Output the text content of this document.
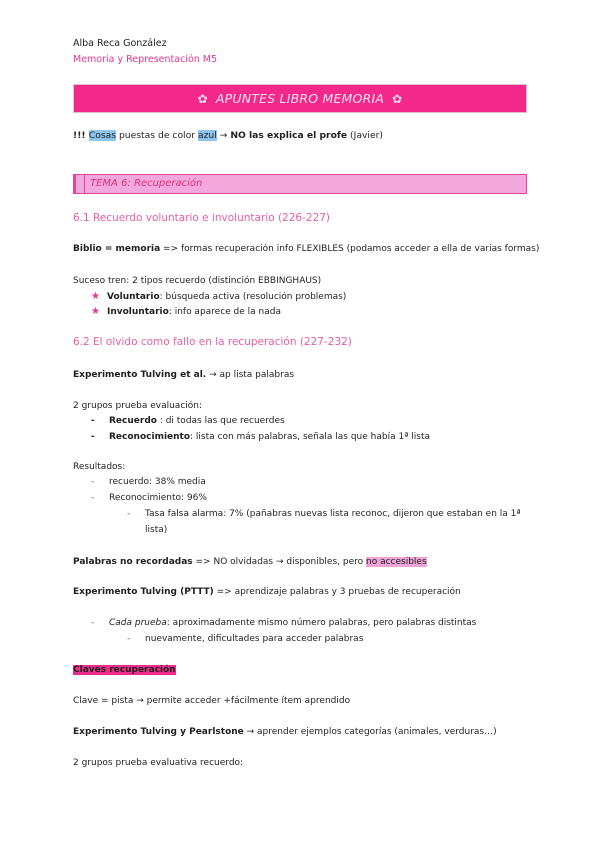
Alba Reca González
Memoria y Representación M5
✿ APUNTES LIBRO MEMORIA ✿
!!! Cosas puestas de color azul → NO las explica el profe (Javier)
TEMA 6: Recuperación
6.1 Recuerdo voluntario e involuntario (226-227)
Biblio = memoria => formas recuperación info FLEXIBLES (podamos acceder a ella de varias formas)
Suceso tren: 2 tipos recuerdo (distinción EBBINGHAUS)
★ Voluntario: búsqueda activa (resolución problemas)
★ Involuntario: info aparece de la nada
6.2 El olvido como fallo en la recuperación (227-232)
Experimento Tulving et al. → ap lista palabras
2 grupos prueba evaluación:
- Recuerdo : di todas las que recuerdes
- Reconocimiento: lista con más palabras, señala las que había 1ª lista
Resultados:
- recuerdo: 38% media
- Reconocimiento: 96%
- Tasa falsa alarma: 7% (pañabras nuevas lista reconoc, dijeron que estaban en la 1ª
lista)
Palabras no recordadas => NO olvidadas → disponibles, pero no accesibles
Experimento Tulving (PTTT) => aprendizaje palabras y 3 pruebas de recuperación
- Cada prueba: aproximadamente mismo número palabras, pero palabras distintas
- nuevamente, dificultades para acceder palabras
Claves recuperación
Clave = pista → permite acceder +fácilmente ítem aprendido
Experimento Tulving y Pearlstone → aprender ejemplos categorías (animales, verduras…)
2 grupos prueba evaluativa recuerdo:
